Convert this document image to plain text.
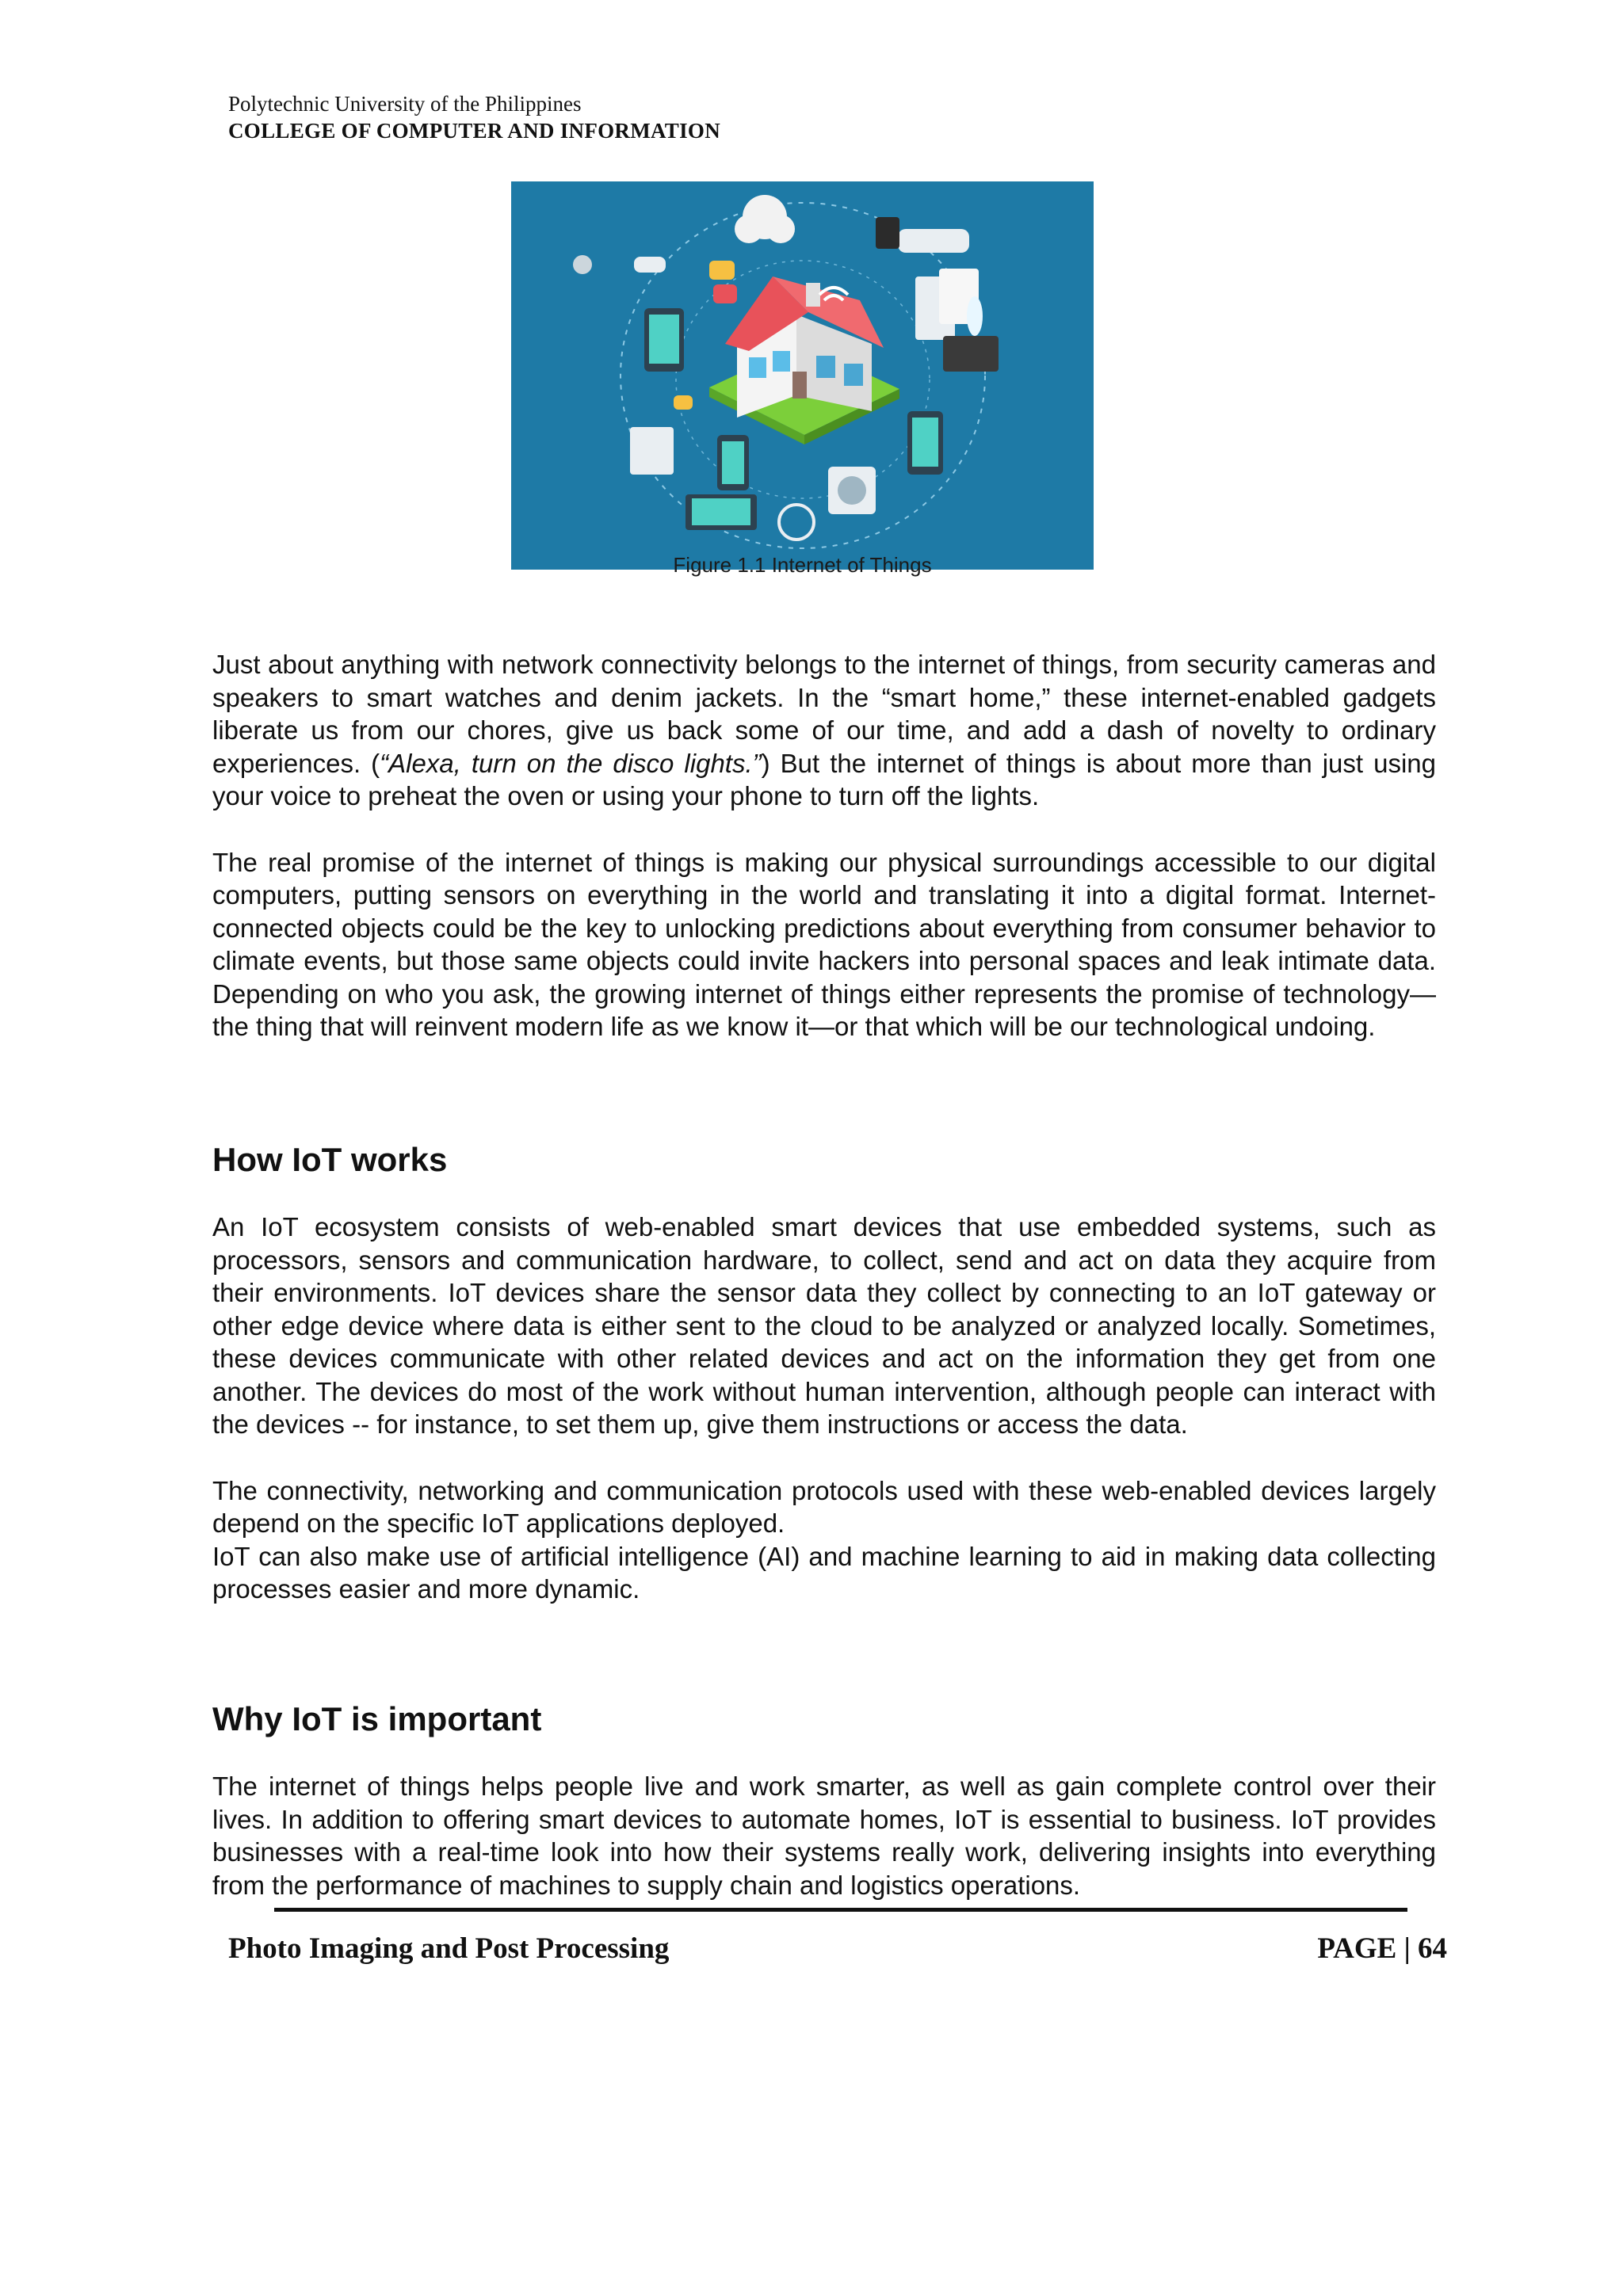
Polytechnic University of the Philippines
COLLEGE OF COMPUTER AND INFORMATION
Figure 1.1 Internet of Things

Just about anything with network connectivity belongs to the internet of things, from security cameras and speakers to smart watches and denim jackets. In the “smart home,” these internet-enabled gadgets liberate us from our chores, give us back some of our time, and add a dash of novelty to ordinary experiences. (“Alexa, turn on the disco lights.”) But the internet of things is about more than just using your voice to preheat the oven or using your phone to turn off the lights.

The real promise of the internet of things is making our physical surroundings accessible to our digital computers, putting sensors on everything in the world and translating it into a digital format. Internet-connected objects could be the key to unlocking predictions about everything from consumer behavior to climate events, but those same objects could invite hackers into personal spaces and leak intimate data. Depending on who you ask, the growing internet of things either represents the promise of technology—the thing that will reinvent modern life as we know it—or that which will be our technological undoing.

How IoT works

An IoT ecosystem consists of web-enabled smart devices that use embedded systems, such as processors, sensors and communication hardware, to collect, send and act on data they acquire from their environments. IoT devices share the sensor data they collect by connecting to an IoT gateway or other edge device where data is either sent to the cloud to be analyzed or analyzed locally. Sometimes, these devices communicate with other related devices and act on the information they get from one another. The devices do most of the work without human intervention, although people can interact with the devices -- for instance, to set them up, give them instructions or access the data.

The connectivity, networking and communication protocols used with these web-enabled devices largely depend on the specific IoT applications deployed.

IoT can also make use of artificial intelligence (AI) and machine learning to aid in making data collecting processes easier and more dynamic.

Why IoT is important

The internet of things helps people live and work smarter, as well as gain complete control over their lives. In addition to offering smart devices to automate homes, IoT is essential to business. IoT provides businesses with a real-time look into how their systems really work, delivering insights into everything from the performance of machines to supply chain and logistics operations.

Photo Imaging and Post Processing	PAGE | 64
